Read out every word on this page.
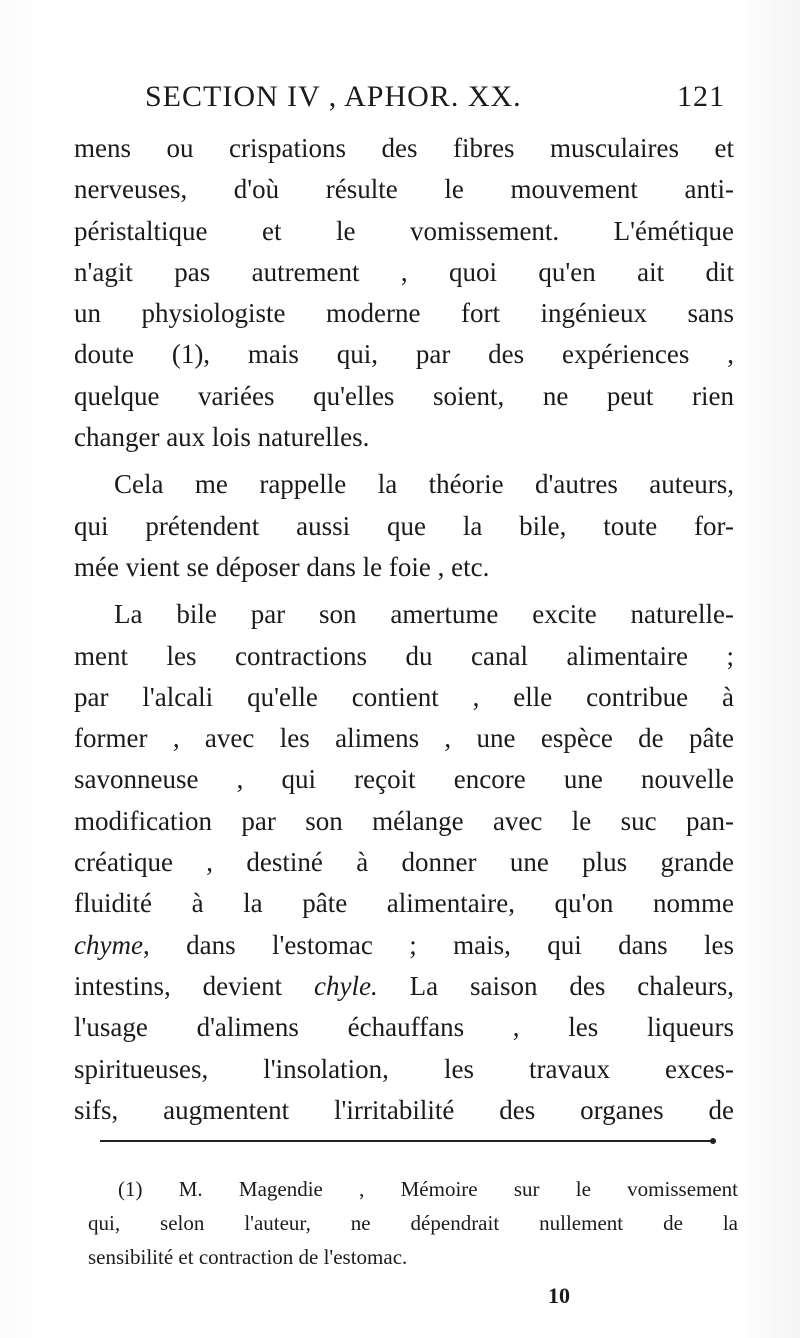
SECTION IV , APHOR. XX.	121
mens ou crispations des fibres musculaires et
nerveuses, d'où résulte le mouvement anti-
péristaltique et le vomissement. L'émétique
n'agit pas autrement , quoi qu'en ait dit
un physiologiste moderne fort ingénieux sans
doute (1), mais qui, par des expériences ,
quelque variées qu'elles soient, ne peut rien
changer aux lois naturelles.
Cela me rappelle la théorie d'autres auteurs,
qui prétendent aussi que la bile, toute for-
mée vient se déposer dans le foie , etc.
La bile par son amertume excite naturelle-
ment les contractions du canal alimentaire ;
par l'alcali qu'elle contient , elle contribue à
former , avec les alimens , une espèce de pâte
savonneuse , qui reçoit encore une nouvelle
modification par son mélange avec le suc pan-
créatique , destiné à donner une plus grande
fluidité à la pâte alimentaire, qu'on nomme
chyme, dans l'estomac ; mais, qui dans les
intestins, devient chyle. La saison des chaleurs,
l'usage d'alimens échauffans , les liqueurs
spiritueuses, l'insolation, les travaux exces-
sifs, augmentent l'irritabilité des organes de
(1) M. Magendie , Mémoire sur le vomissement
qui, selon l'auteur, ne dépendrait nullement de la
sensibilité et contraction de l'estomac.
10
